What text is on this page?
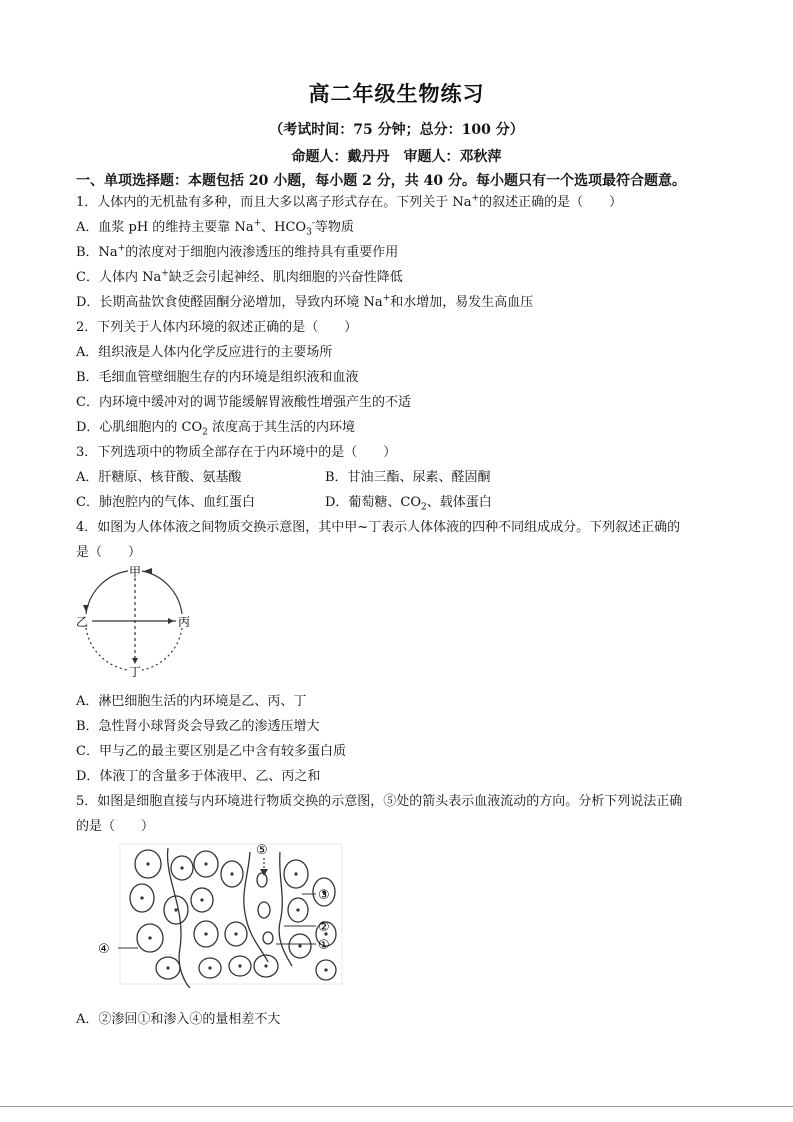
高二年级生物练习
（考试时间：75 分钟；总分：100 分）
命题人：戴丹丹　审题人：邓秋萍
一、单项选择题：本题包括 20 小题，每小题 2 分，共 40 分。每小题只有一个选项最符合题意。
1．人体内的无机盐有多种，而且大多以离子形式存在。下列关于 Na+的叙述正确的是（　　）
A．血浆 pH 的维持主要靠 Na+、$HCO_3^-$等物质
B．Na+的浓度对于细胞内液渗透压的维持具有重要作用
C．人体内 Na+缺乏会引起神经、肌肉细胞的兴奋性降低
D．长期高盐饮食使醛固酮分泌增加，导致内环境 Na+和水增加，易发生高血压
2．下列关于人体内环境的叙述正确的是（　　）
A．组织液是人体内化学反应进行的主要场所
B．毛细血管壁细胞生存的内环境是组织液和血液
C．内环境中缓冲对的调节能缓解胃液酸性增强产生的不适
D．心肌细胞内的 $CO_2$ 浓度高于其生活的内环境
3．下列选项中的物质全部存在于内环境中的是（　　）
A．肝糖原、核苷酸、氨基酸	B．甘油三酯、尿素、醛固酮
C．肺泡腔内的气体、血红蛋白	D．葡萄糖、$CO_2$、载体蛋白
4．如图为人体体液之间物质交换示意图，其中甲~丁表示人体体液的四种不同组成成分。下列叙述正确的
是（　　）
甲
乙	丙
丁
A．淋巴细胞生活的内环境是乙、丙、丁
B．急性肾小球肾炎会导致乙的渗透压增大
C．甲与乙的最主要区别是乙中含有较多蛋白质
D．体液丁的含量多于体液甲、乙、丙之和
5．如图是细胞直接与内环境进行物质交换的示意图，⑤处的箭头表示血液流动的方向。分析下列说法正确
的是（　　）
⑤
③
②
①
④
A．②渗回①和渗入④的量相差不大
